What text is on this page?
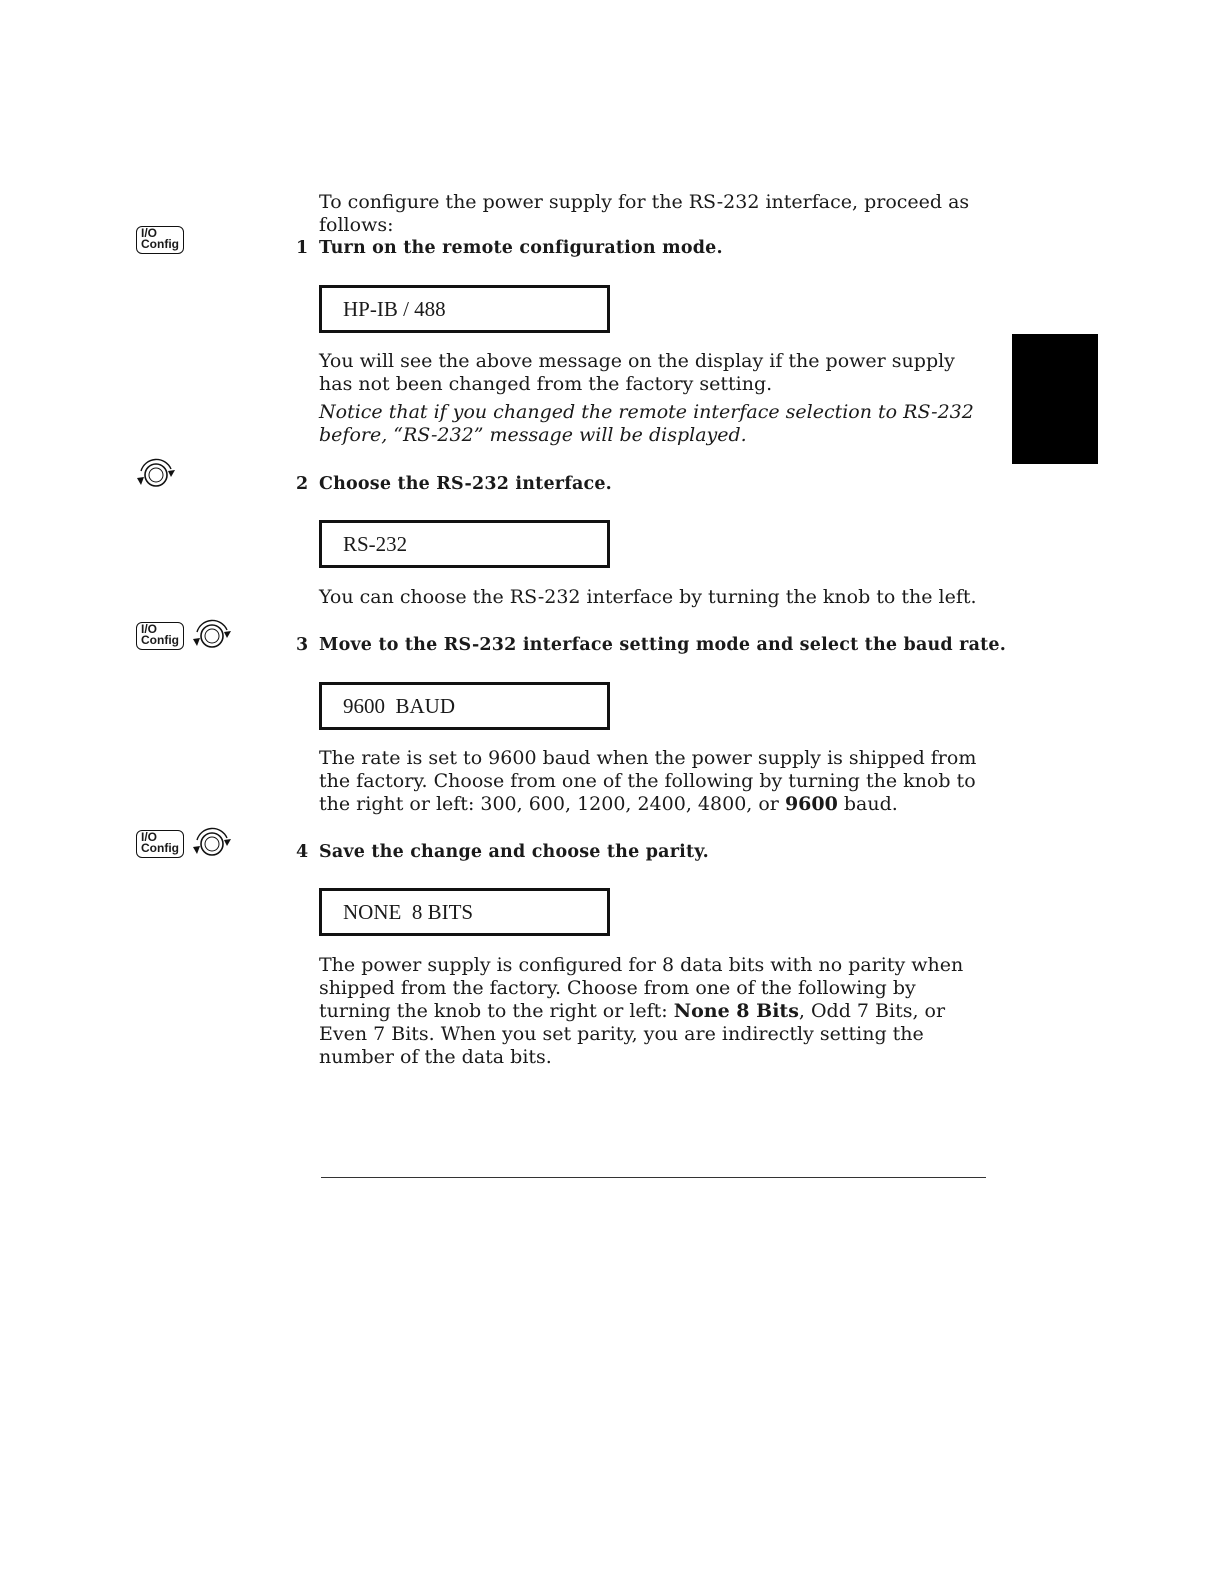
To configure the power supply for the RS-232 interface, proceed as follows:

I/O
Config	1 Turn on the remote configuration mode.
HP-IB / 488

You will see the above message on the display if the power supply has not been changed from the factory setting.

Notice that if you changed the remote interface selection to RS-232 before, “RS-232” message will be displayed.

2 Choose the RS-232 interface.
RS-232

You can choose the RS-232 interface by turning the knob to the left.

I/O
Config	3 Move to the RS-232 interface setting mode and select the baud rate.
9600  BAUD

The rate is set to 9600 baud when the power supply is shipped from the factory. Choose from one of the following by turning the knob to the right or left: 300, 600, 1200, 2400, 4800, or 9600 baud.

I/O
Config	4 Save the change and choose the parity.
NONE  8 BITS

The power supply is configured for 8 data bits with no parity when shipped from the factory. Choose from one of the following by turning the knob to the right or left: None 8 Bits, Odd 7 Bits, or Even 7 Bits. When you set parity, you are indirectly setting the number of the data bits.
